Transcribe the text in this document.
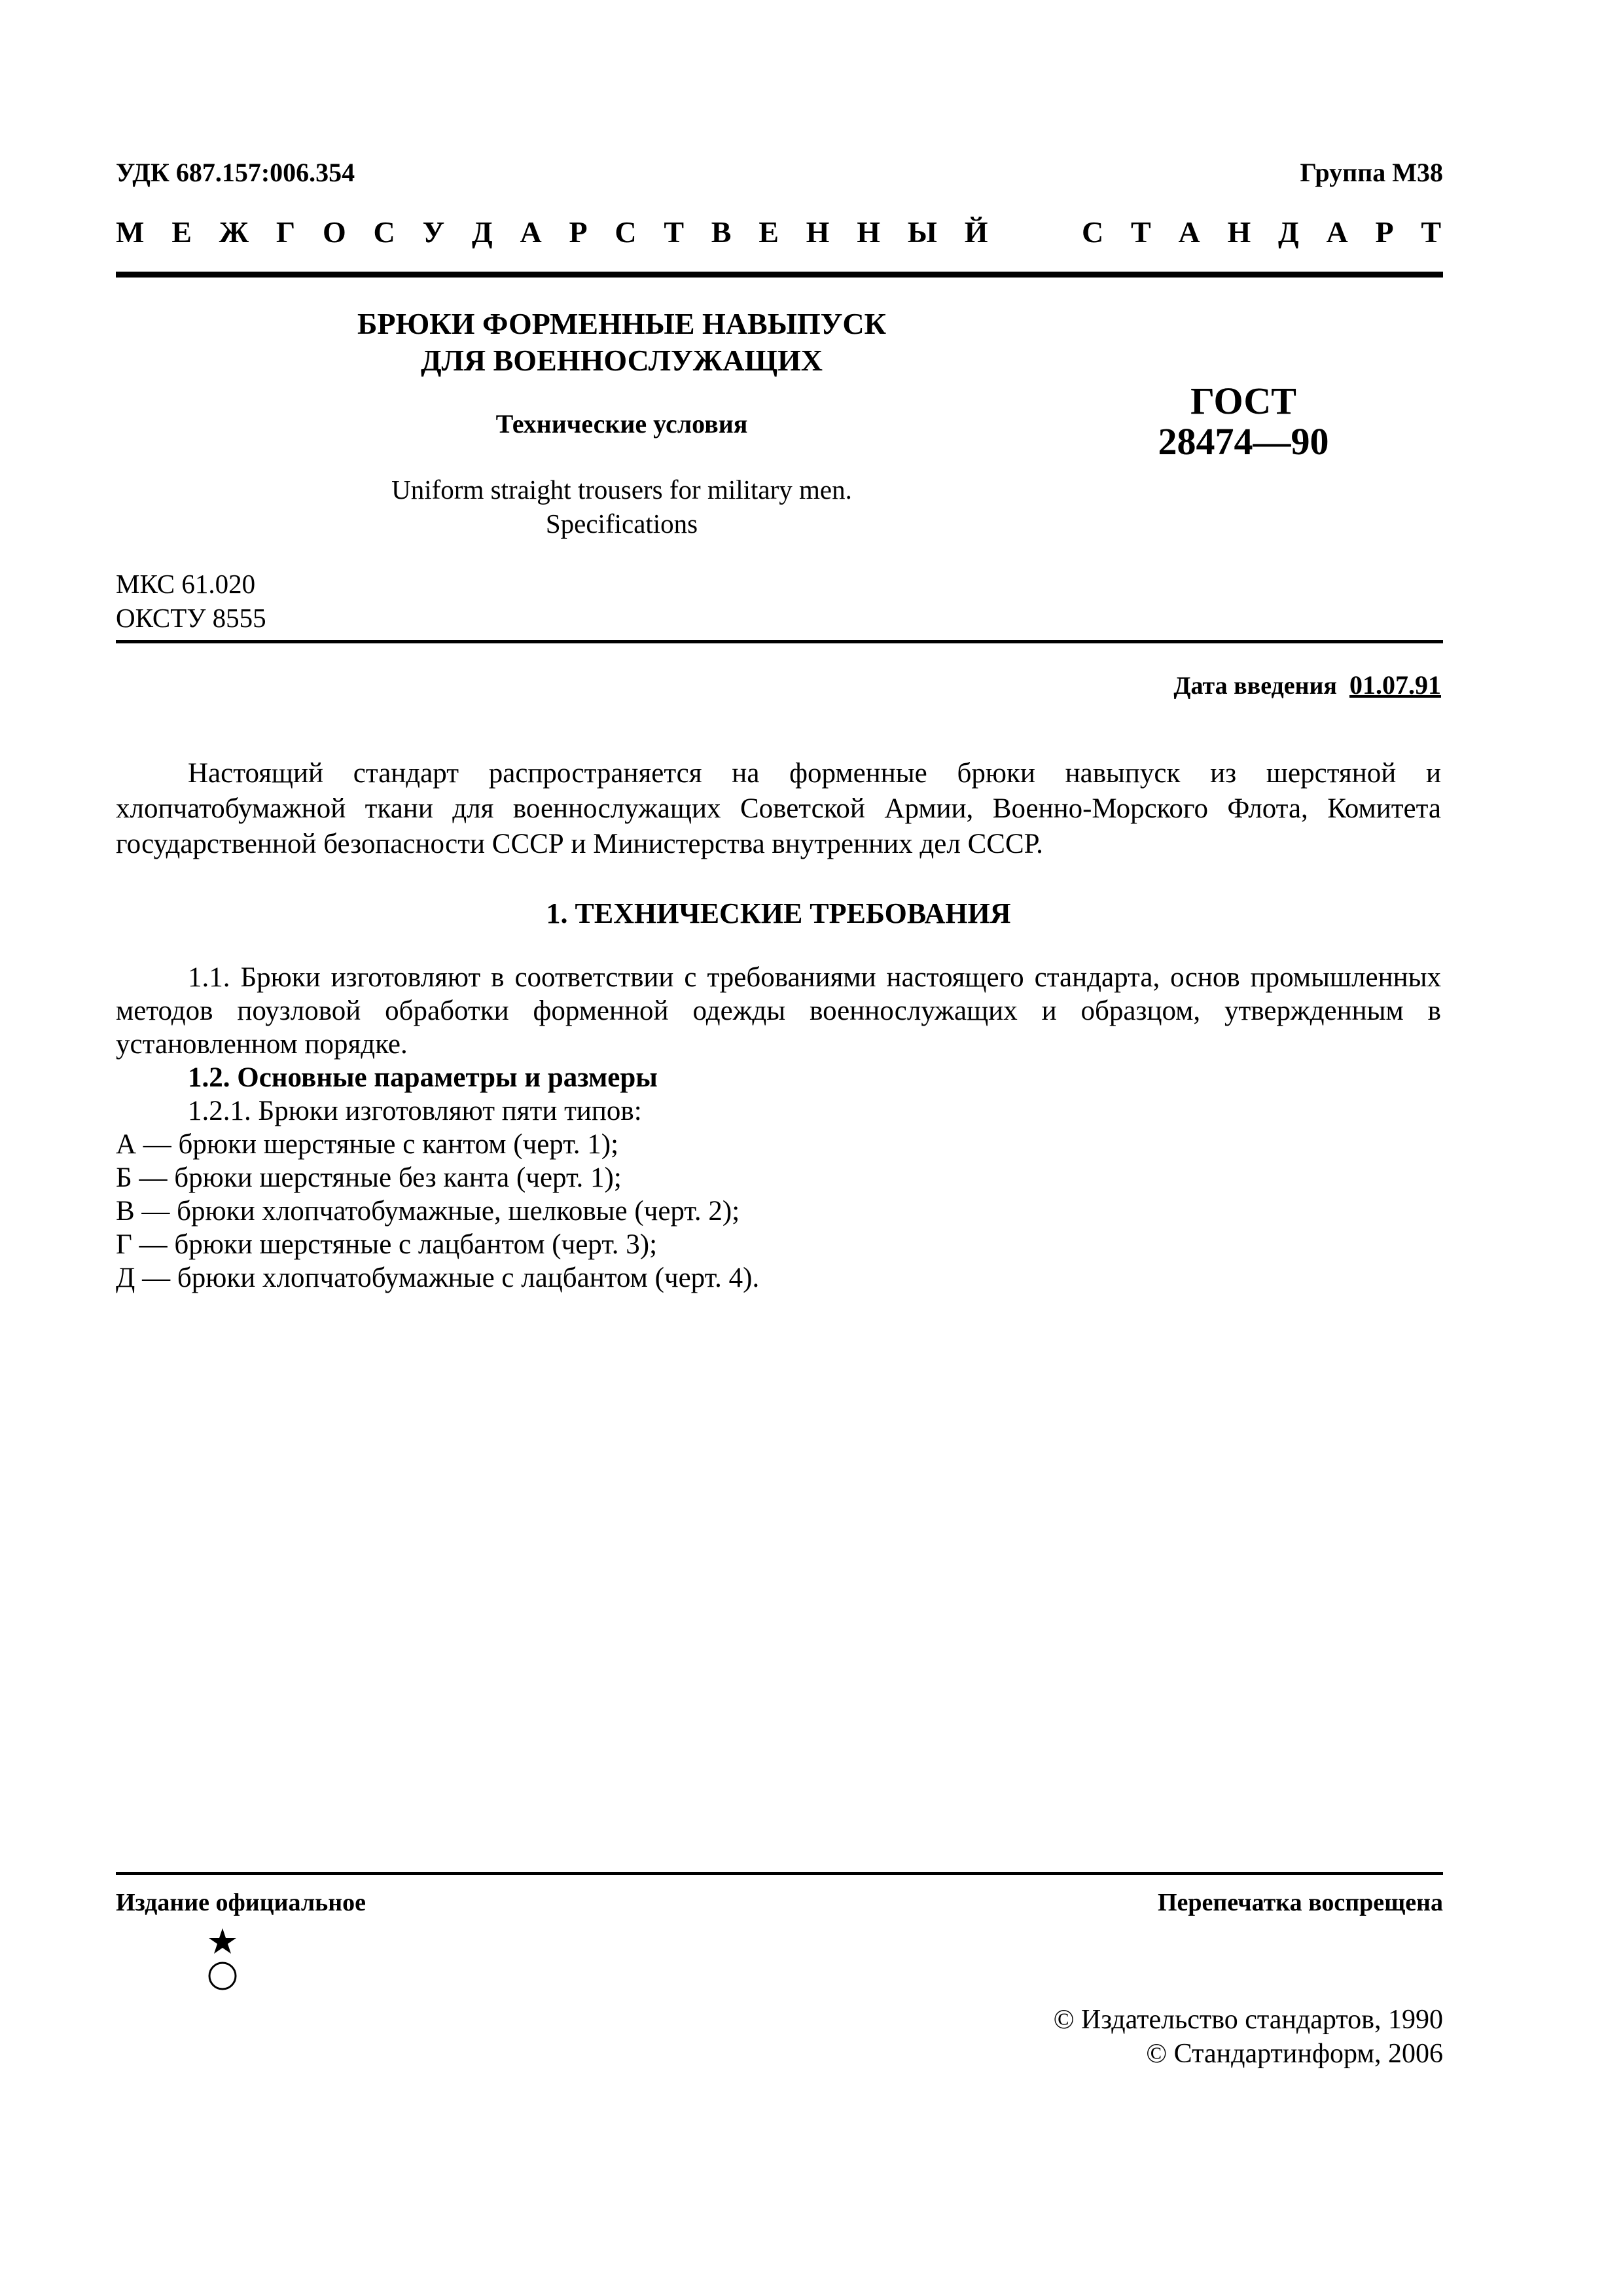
УДК 687.157:006.354	Группа М38
М Е Ж Г О С У Д А Р С Т В Е Н Н Ы Й	С Т А Н Д А Р Т
БРЮКИ ФОРМЕННЫЕ НАВЫПУСК
ДЛЯ ВОЕННОСЛУЖАЩИХ
Технические условия
Uniform straight trousers for military men.
Specifications
ГОСТ
28474—90
МКС 61.020
ОКСТУ 8555
Дата введения 01.07.91
Настоящий стандарт распространяется на форменные брюки навыпуск из шерстяной и хлопчатобумажной ткани для военнослужащих Советской Армии, Военно-Морского Флота, Комитета государственной безопасности СССР и Министерства внутренних дел СССР.
1. ТЕХНИЧЕСКИЕ ТРЕБОВАНИЯ
1.1. Брюки изготовляют в соответствии с требованиями настоящего стандарта, основ промышленных методов поузловой обработки форменной одежды военнослужащих и образцом, утвержденным в установленном порядке.
1.2. Основные параметры и размеры
1.2.1. Брюки изготовляют пяти типов:
А — брюки шерстяные с кантом (черт. 1);
Б — брюки шерстяные без канта (черт. 1);
В — брюки хлопчатобумажные, шелковые (черт. 2);
Г — брюки шерстяные с лацбантом (черт. 3);
Д — брюки хлопчатобумажные с лацбантом (черт. 4).
Издание официальное	Перепечатка воспрещена
© Издательство стандартов, 1990
© Стандартинформ, 2006
